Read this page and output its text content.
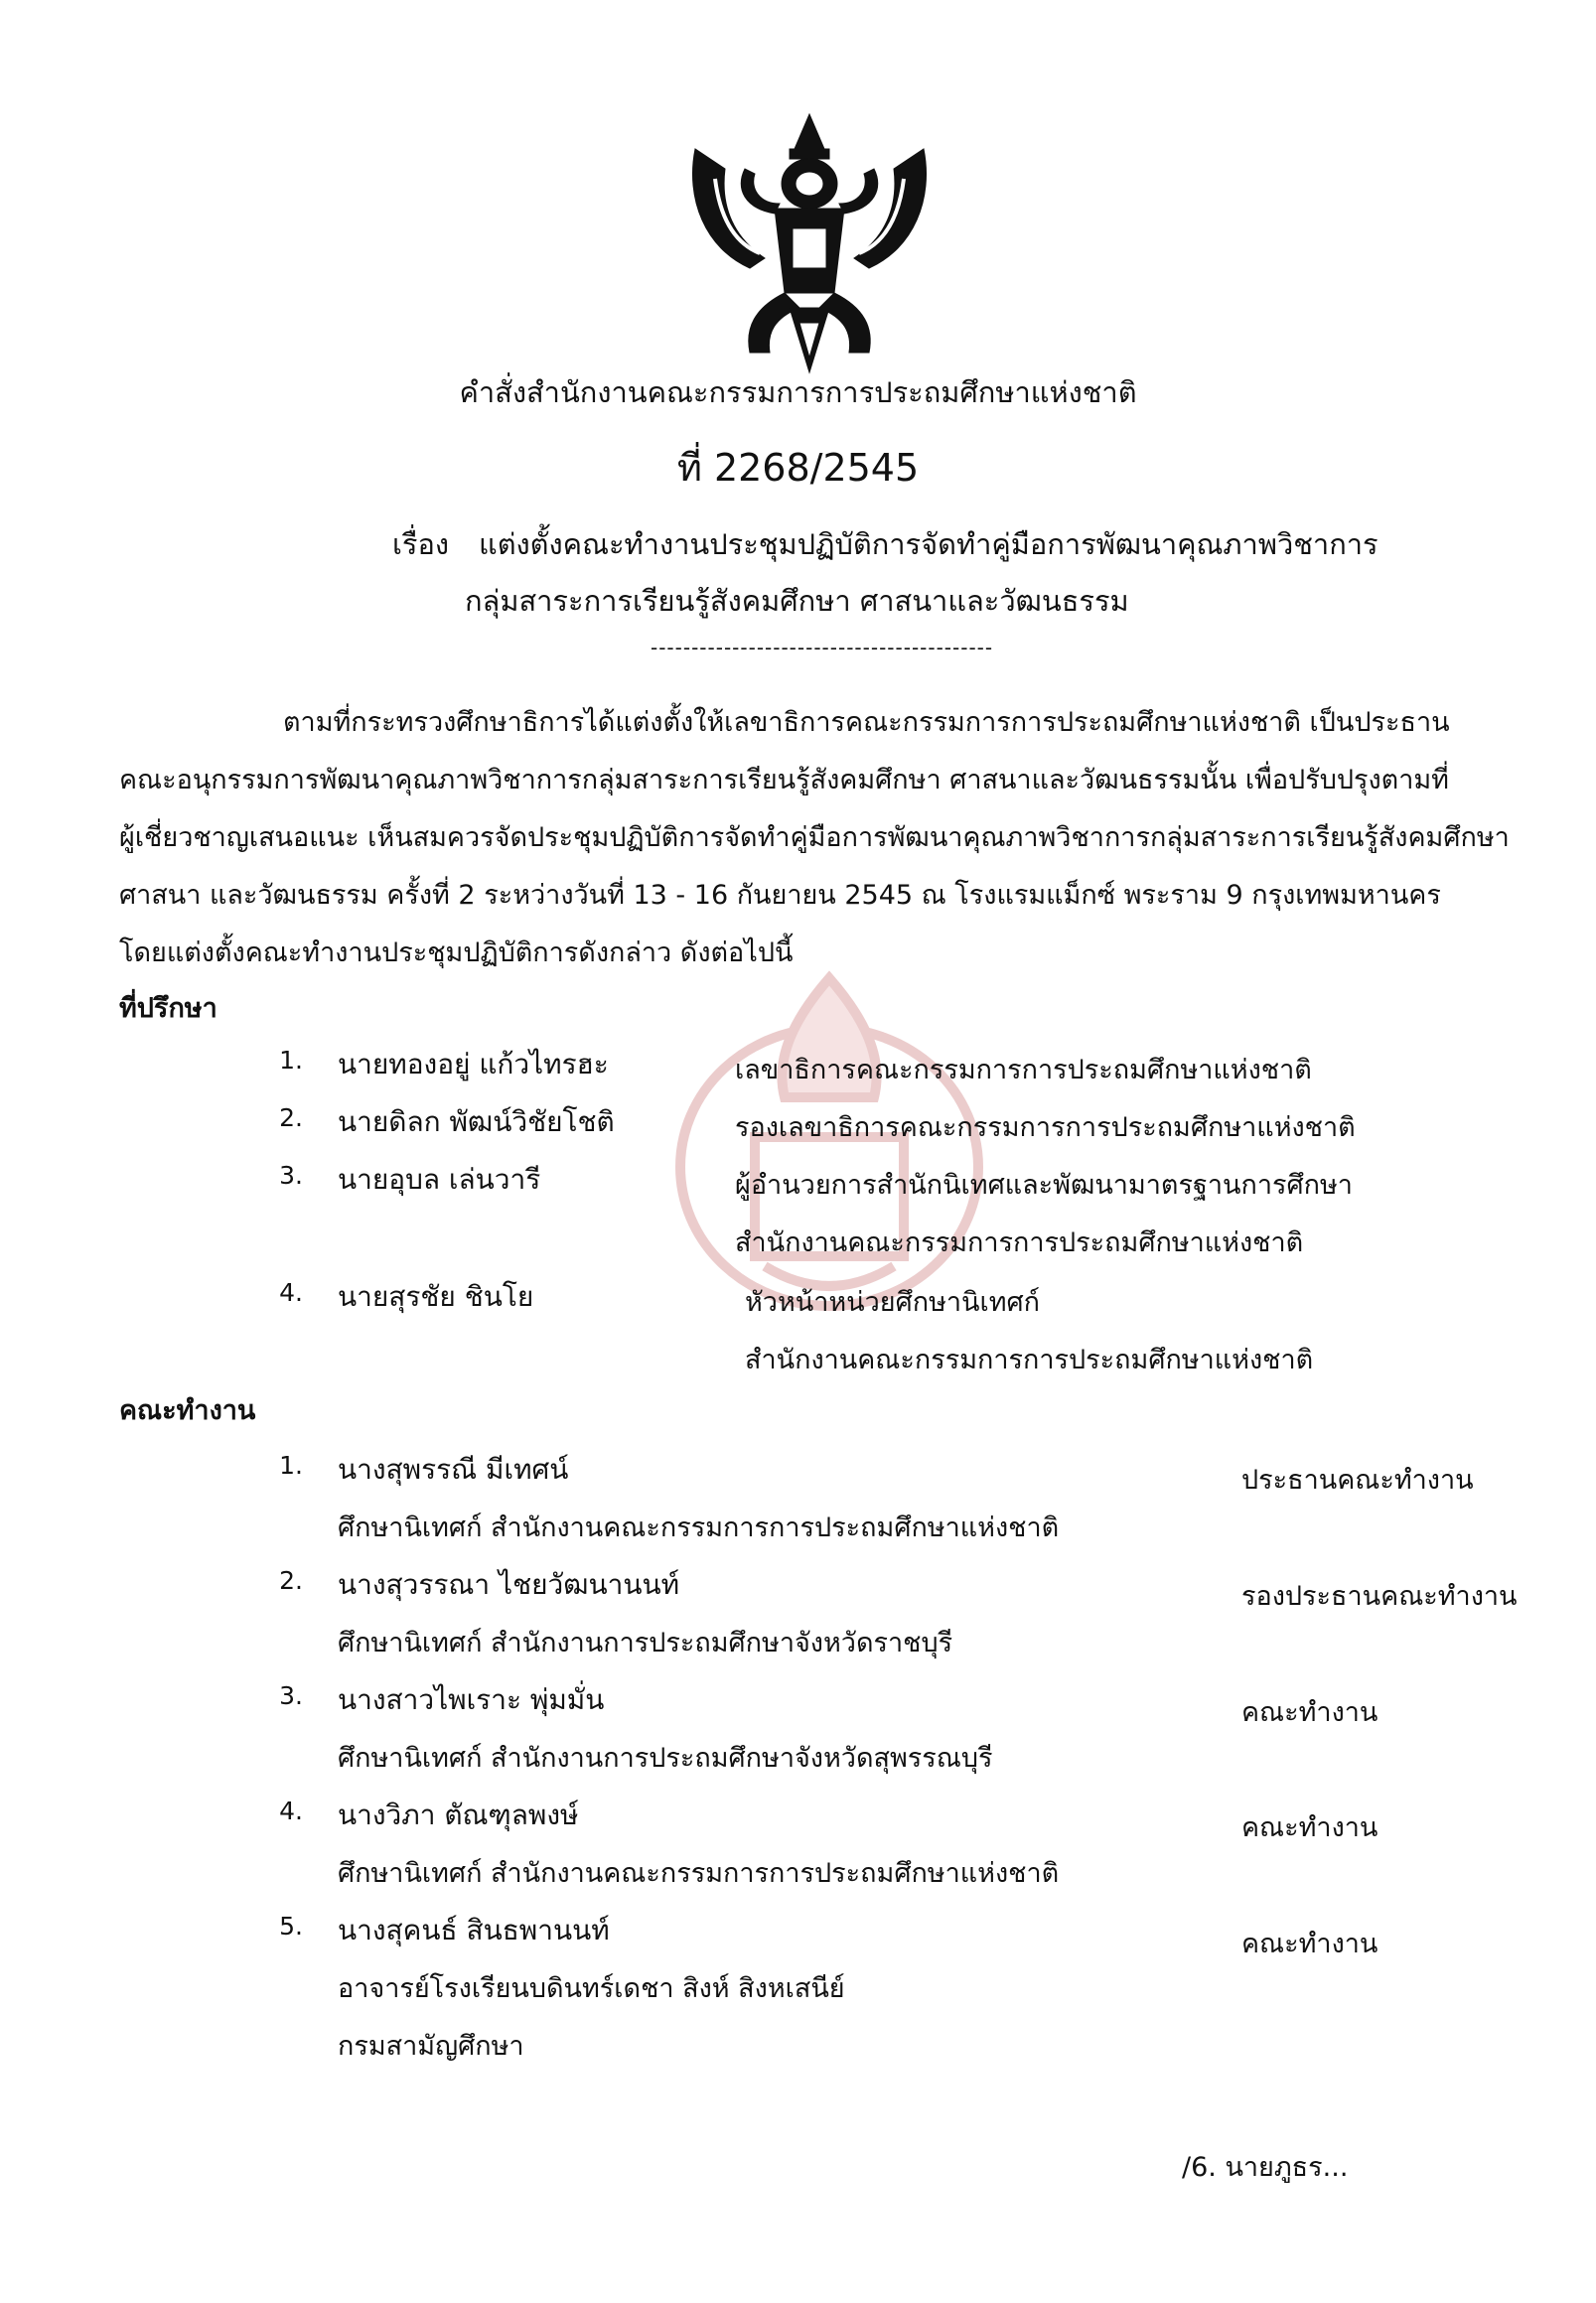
คำสั่งสำนักงานคณะกรรมการการประถมศึกษาแห่งชาติ
ที่ 2268/2545
เรื่อง แต่งตั้งคณะทำงานประชุมปฏิบัติการจัดทำคู่มือการพัฒนาคุณภาพวิชาการ
กลุ่มสาระการเรียนรู้สังคมศึกษา ศาสนาและวัฒนธรรม
------------------------------------------
ตามที่กระทรวงศึกษาธิการได้แต่งตั้งให้เลขาธิการคณะกรรมการการประถมศึกษาแห่งชาติ เป็นประธาน
คณะอนุกรรมการพัฒนาคุณภาพวิชาการกลุ่มสาระการเรียนรู้สังคมศึกษา ศาสนาและวัฒนธรรมนั้น เพื่อปรับปรุงตามที่
ผู้เชี่ยวชาญเสนอแนะ เห็นสมควรจัดประชุมปฏิบัติการจัดทำคู่มือการพัฒนาคุณภาพวิชาการกลุ่มสาระการเรียนรู้สังคมศึกษา
ศาสนา และวัฒนธรรม ครั้งที่ 2 ระหว่างวันที่ 13 - 16 กันยายน 2545 ณ โรงแรมแม็กซ์ พระราม 9 กรุงเทพมหานคร
โดยแต่งตั้งคณะทำงานประชุมปฏิบัติการดังกล่าว ดังต่อไปนี้
ที่ปรึกษา
1. นายทองอยู่ แก้วไทรฮะ	เลขาธิการคณะกรรมการการประถมศึกษาแห่งชาติ
2. นายดิลก พัฒน์วิชัยโชติ	รองเลขาธิการคณะกรรมการการประถมศึกษาแห่งชาติ
3. นายอุบล เล่นวารี	ผู้อำนวยการสำนักนิเทศและพัฒนามาตรฐานการศึกษา
สำนักงานคณะกรรมการการประถมศึกษาแห่งชาติ
4. นายสุรชัย ชินโย	หัวหน้าหน่วยศึกษานิเทศก์
สำนักงานคณะกรรมการการประถมศึกษาแห่งชาติ
คณะทำงาน
1. นางสุพรรณี มีเทศน์	ประธานคณะทำงาน
ศึกษานิเทศก์ สำนักงานคณะกรรมการการประถมศึกษาแห่งชาติ
2. นางสุวรรณา ไชยวัฒนานนท์	รองประธานคณะทำงาน
ศึกษานิเทศก์ สำนักงานการประถมศึกษาจังหวัดราชบุรี
3. นางสาวไพเราะ พุ่มมั่น	คณะทำงาน
ศึกษานิเทศก์ สำนักงานการประถมศึกษาจังหวัดสุพรรณบุรี
4. นางวิภา ตัณฑุลพงษ์	คณะทำงาน
ศึกษานิเทศก์ สำนักงานคณะกรรมการการประถมศึกษาแห่งชาติ
5. นางสุคนธ์ สินธพานนท์	คณะทำงาน
อาจารย์โรงเรียนบดินทร์เดชา สิงห์ สิงหเสนีย์
กรมสามัญศึกษา
/6. นายภูธร...
